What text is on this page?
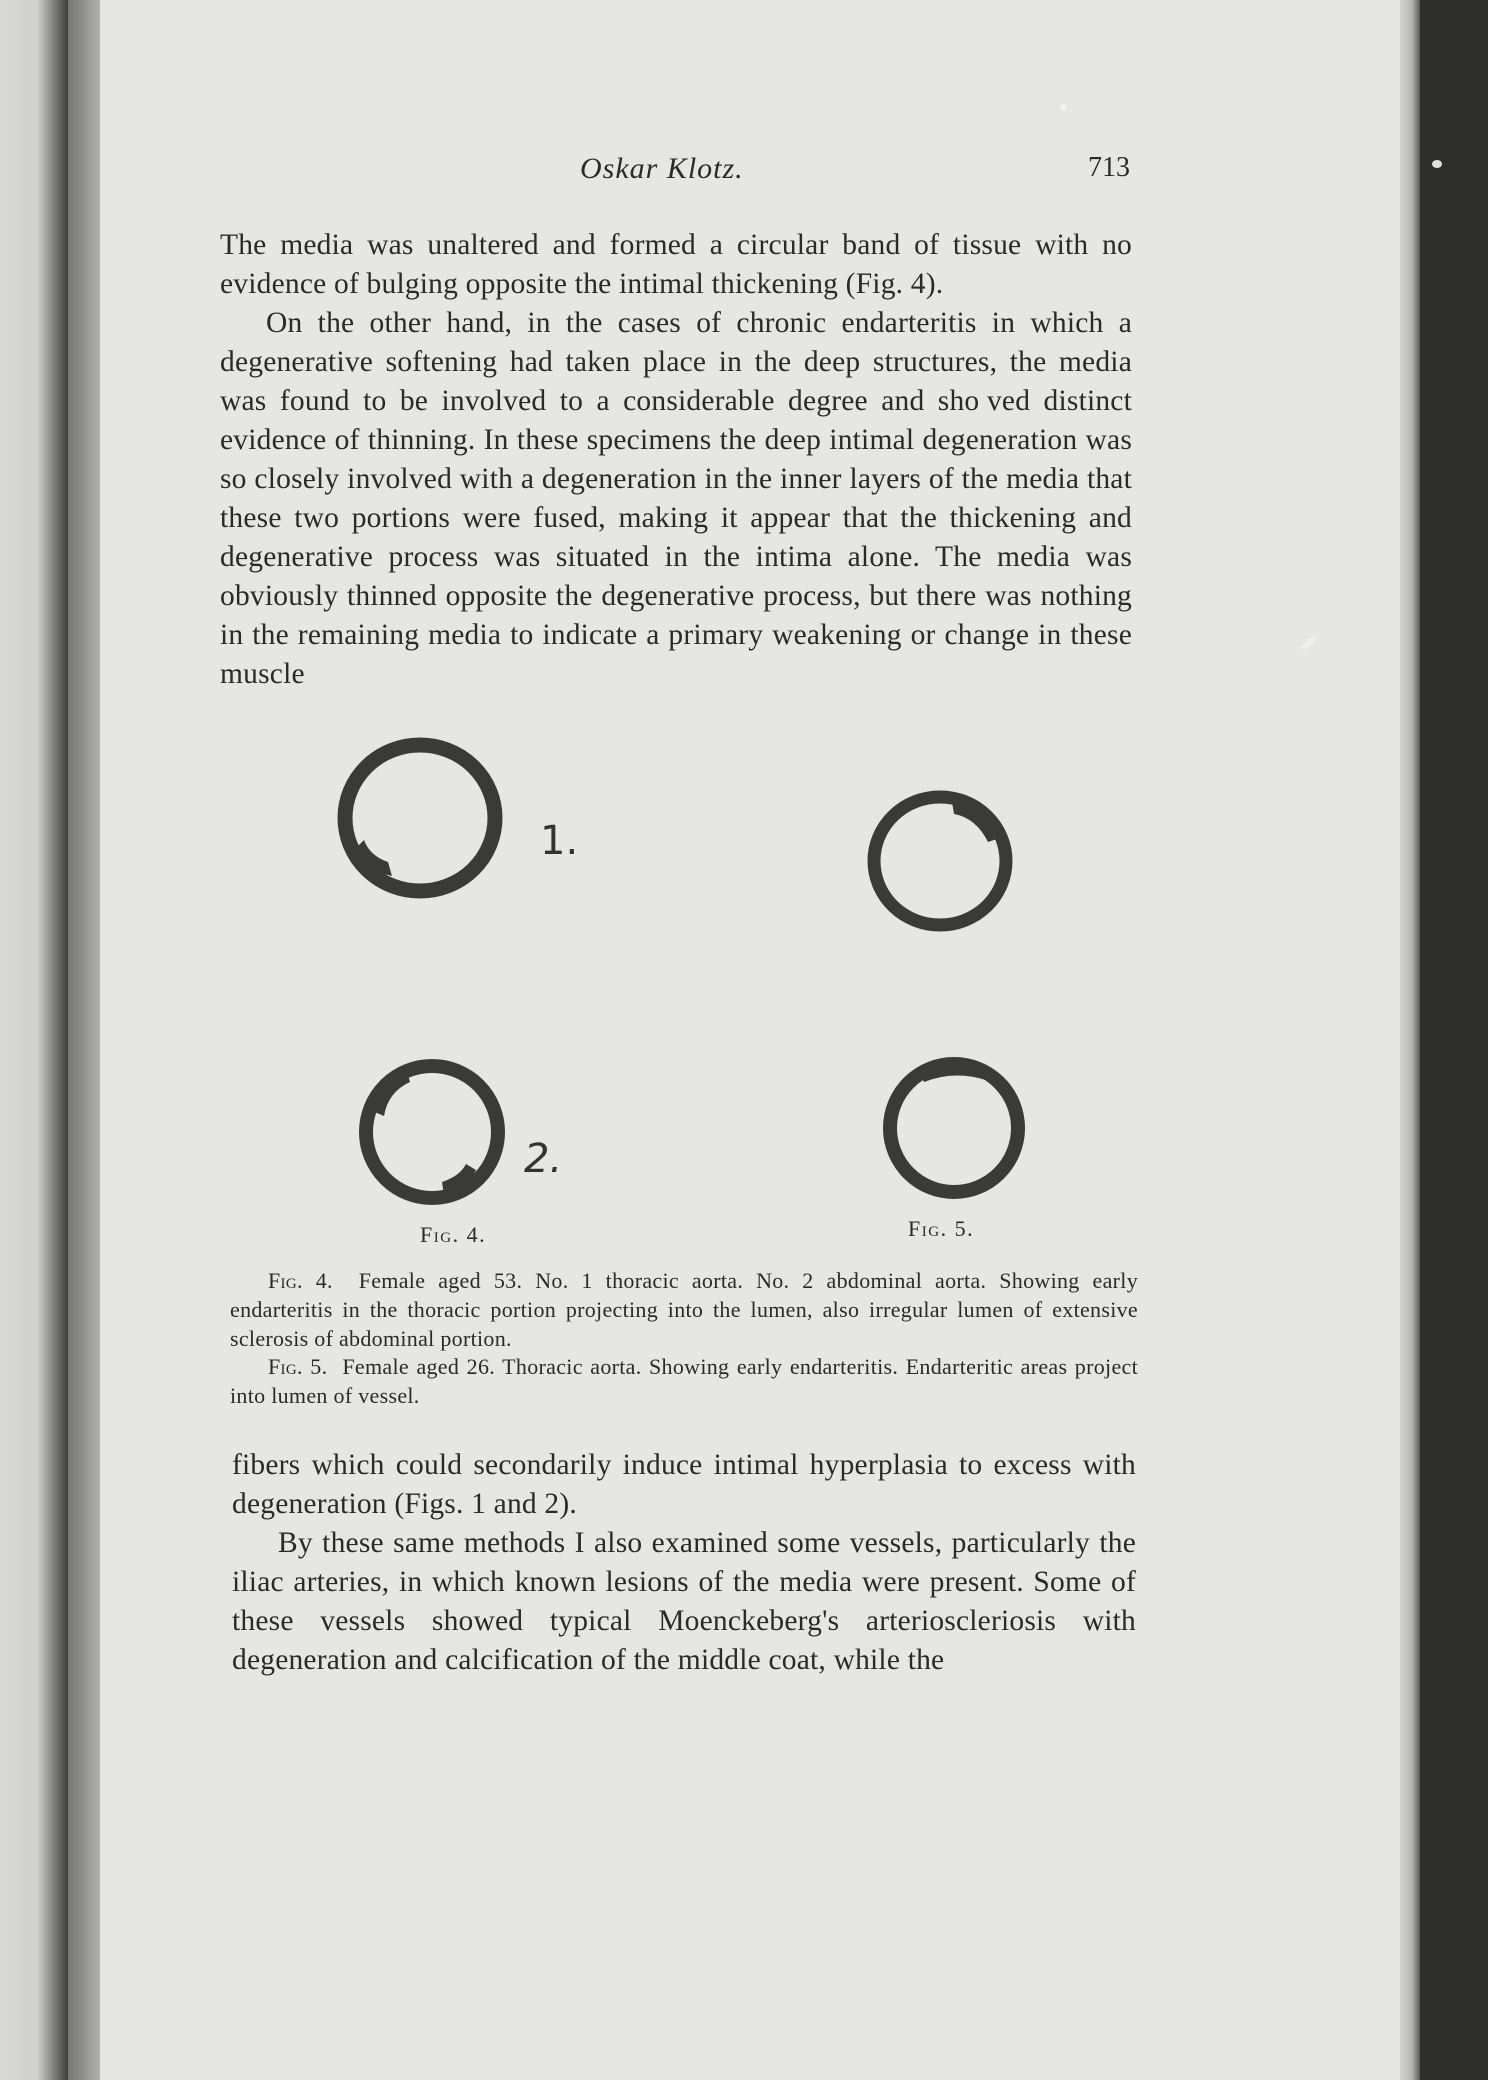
Oskar Klotz.	713

The media was unaltered and formed a circular band of tissue with no evidence of bulging opposite the intimal thickening (Fig. 4).

On the other hand, in the cases of chronic endarteritis in which a degenerative softening had taken place in the deep structures, the media was found to be involved to a considerable degree and sho ved distinct evidence of thinning. In these specimens the deep intimal degeneration was so closely involved with a degeneration in the inner layers of the media that these two portions were fused, making it appear that the thickening and degenerative process was situated in the intima alone. The media was obviously thinned opposite the degenerative process, but there was nothing in the remaining media to indicate a primary weakening or change in these muscle

1.
2.
Fig. 4.	Fig. 5.

Fig. 4. Female aged 53. No. 1 thoracic aorta. No. 2 abdominal aorta. Showing early endarteritis in the thoracic portion projecting into the lumen, also irregular lumen of extensive sclerosis of abdominal portion.

Fig. 5. Female aged 26. Thoracic aorta. Showing early endarteritis. Endarteritic areas project into lumen of vessel.

fibers which could secondarily induce intimal hyperplasia to excess with degeneration (Figs. 1 and 2).

By these same methods I also examined some vessels, particularly the iliac arteries, in which known lesions of the media were present. Some of these vessels showed typical Moenckeberg's arterioscleriosis with degeneration and calcification of the middle coat, while the
